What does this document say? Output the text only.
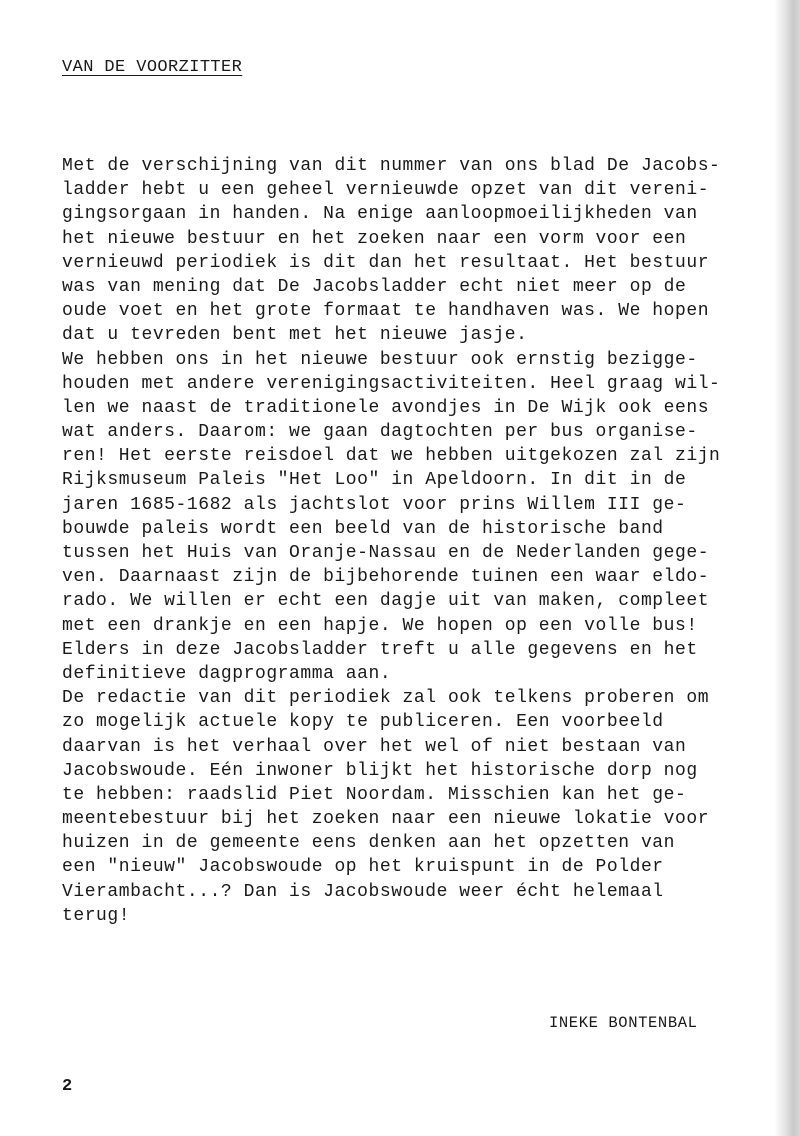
VAN DE VOORZITTER
Met de verschijning van dit nummer van ons blad De Jacobs-
ladder hebt u een geheel vernieuwde opzet van dit vereni-
gingsorgaan in handen. Na enige aanloopmoeilijkheden van
het nieuwe bestuur en het zoeken naar een vorm voor een
vernieuwd periodiek is dit dan het resultaat. Het bestuur
was van mening dat De Jacobsladder echt niet meer op de
oude voet en het grote formaat te handhaven was. We hopen
dat u tevreden bent met het nieuwe jasje.
We hebben ons in het nieuwe bestuur ook ernstig bezigge-
houden met andere verenigingsactiviteiten. Heel graag wil-
len we naast de traditionele avondjes in De Wijk ook eens
wat anders. Daarom: we gaan dagtochten per bus organise-
ren! Het eerste reisdoel dat we hebben uitgekozen zal zijn
Rijksmuseum Paleis "Het Loo" in Apeldoorn. In dit in de
jaren 1685-1682 als jachtslot voor prins Willem III ge-
bouwde paleis wordt een beeld van de historische band
tussen het Huis van Oranje-Nassau en de Nederlanden gege-
ven. Daarnaast zijn de bijbehorende tuinen een waar eldo-
rado. We willen er echt een dagje uit van maken, compleet
met een drankje en een hapje. We hopen op een volle bus!
Elders in deze Jacobsladder treft u alle gegevens en het
definitieve dagprogramma aan.
De redactie van dit periodiek zal ook telkens proberen om
zo mogelijk actuele kopy te publiceren. Een voorbeeld
daarvan is het verhaal over het wel of niet bestaan van
Jacobswoude. Eén inwoner blijkt het historische dorp nog
te hebben: raadslid Piet Noordam. Misschien kan het ge-
meentebestuur bij het zoeken naar een nieuwe lokatie voor
huizen in de gemeente eens denken aan het opzetten van
een "nieuw" Jacobswoude op het kruispunt in de Polder
Vierambacht...? Dan is Jacobswoude weer écht helemaal
terug!
INEKE BONTENBAL
2
